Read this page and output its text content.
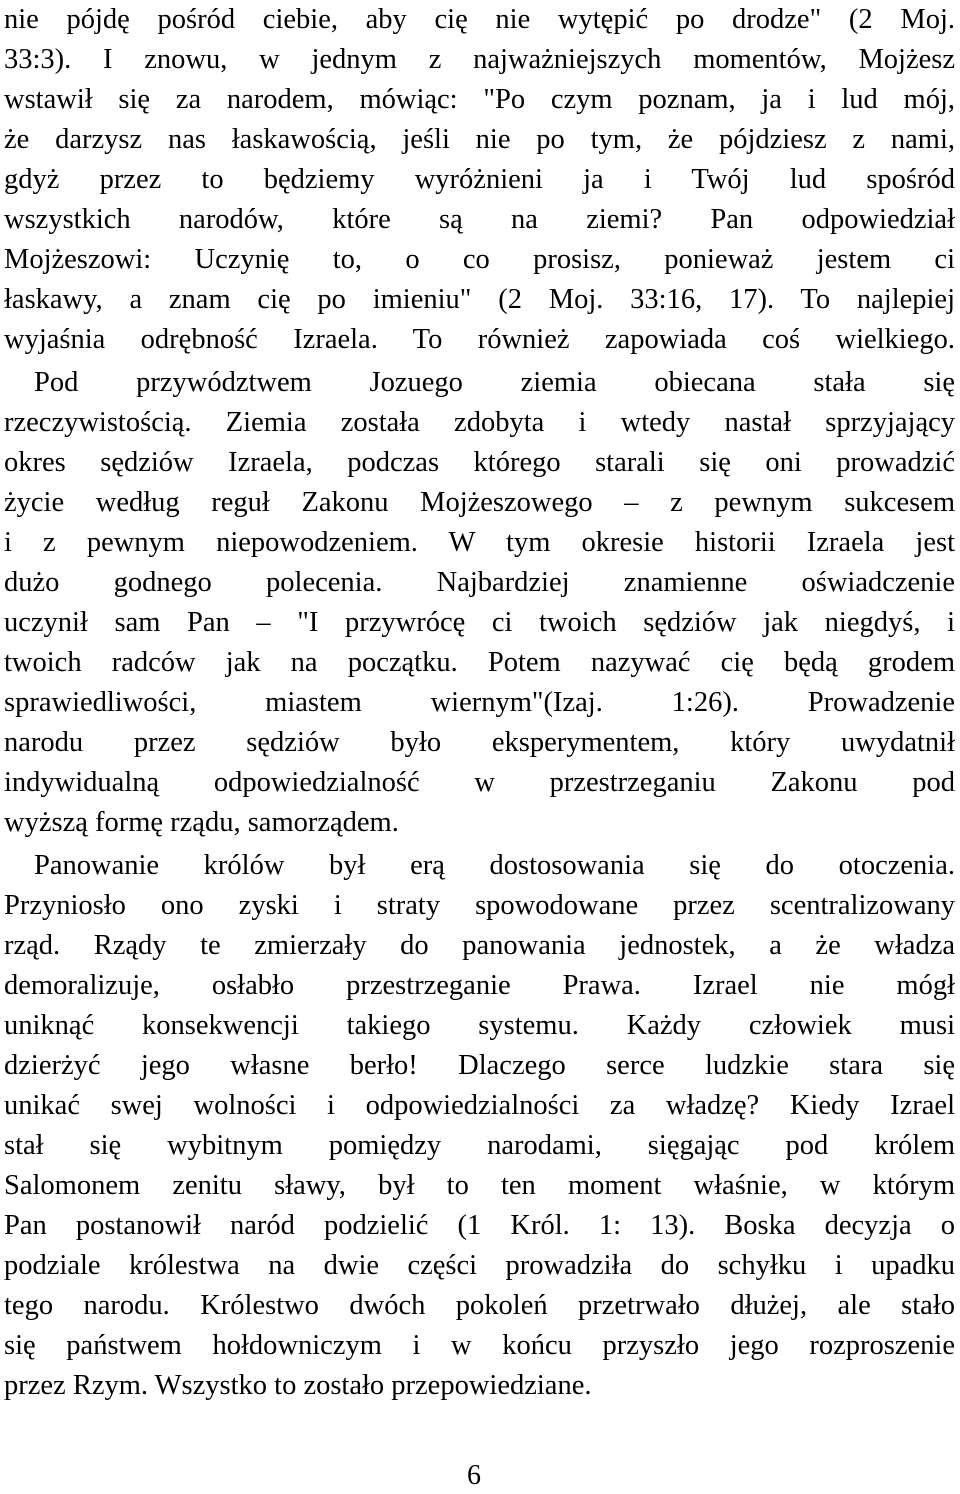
nie pójdę pośród ciebie, aby cię nie wytępić po drodze" (2 Moj.
33:3). I znowu, w jednym z najważniejszych momentów, Mojżesz
wstawił się za narodem, mówiąc: "Po czym poznam, ja i lud mój,
że darzysz nas łaskawością, jeśli nie po tym, że pójdziesz z nami,
gdyż przez to będziemy wyróżnieni ja i Twój lud spośród
wszystkich narodów, które są na ziemi? Pan odpowiedział
Mojżeszowi: Uczynię to, o co prosisz, ponieważ jestem ci
łaskawy, a znam cię po imieniu" (2 Moj. 33:16, 17). To najlepiej
wyjaśnia odrębność Izraela. To również zapowiada coś wielkiego.
Pod przywództwem Jozuego ziemia obiecana stała się
rzeczywistością. Ziemia została zdobyta i wtedy nastał sprzyjający
okres sędziów Izraela, podczas którego starali się oni prowadzić
życie według reguł Zakonu Mojżeszowego – z pewnym sukcesem
i z pewnym niepowodzeniem. W tym okresie historii Izraela jest
dużo godnego polecenia. Najbardziej znamienne oświadczenie
uczynił sam Pan – "I przywrócę ci twoich sędziów jak niegdyś, i
twoich radców jak na początku. Potem nazywać cię będą grodem
sprawiedliwości, miastem wiernym"(Izaj. 1:26). Prowadzenie
narodu przez sędziów było eksperymentem, który uwydatnił
indywidualną odpowiedzialność w przestrzeganiu Zakonu pod
wyższą formę rządu, samorządem.
Panowanie królów był erą dostosowania się do otoczenia.
Przyniosło ono zyski i straty spowodowane przez scentralizowany
rząd. Rządy te zmierzały do panowania jednostek, a że władza
demoralizuje, osłabło przestrzeganie Prawa. Izrael nie mógł
uniknąć konsekwencji takiego systemu. Każdy człowiek musi
dzierżyć jego własne berło! Dlaczego serce ludzkie stara się
unikać swej wolności i odpowiedzialności za władzę? Kiedy Izrael
stał się wybitnym pomiędzy narodami, sięgając pod królem
Salomonem zenitu sławy, był to ten moment właśnie, w którym
Pan postanowił naród podzielić (1 Król. 1: 13). Boska decyzja o
podziale królestwa na dwie części prowadziła do schyłku i upadku
tego narodu. Królestwo dwóch pokoleń przetrwało dłużej, ale stało
się państwem hołdowniczym i w końcu przyszło jego rozproszenie
przez Rzym. Wszystko to zostało przepowiedziane.
6
